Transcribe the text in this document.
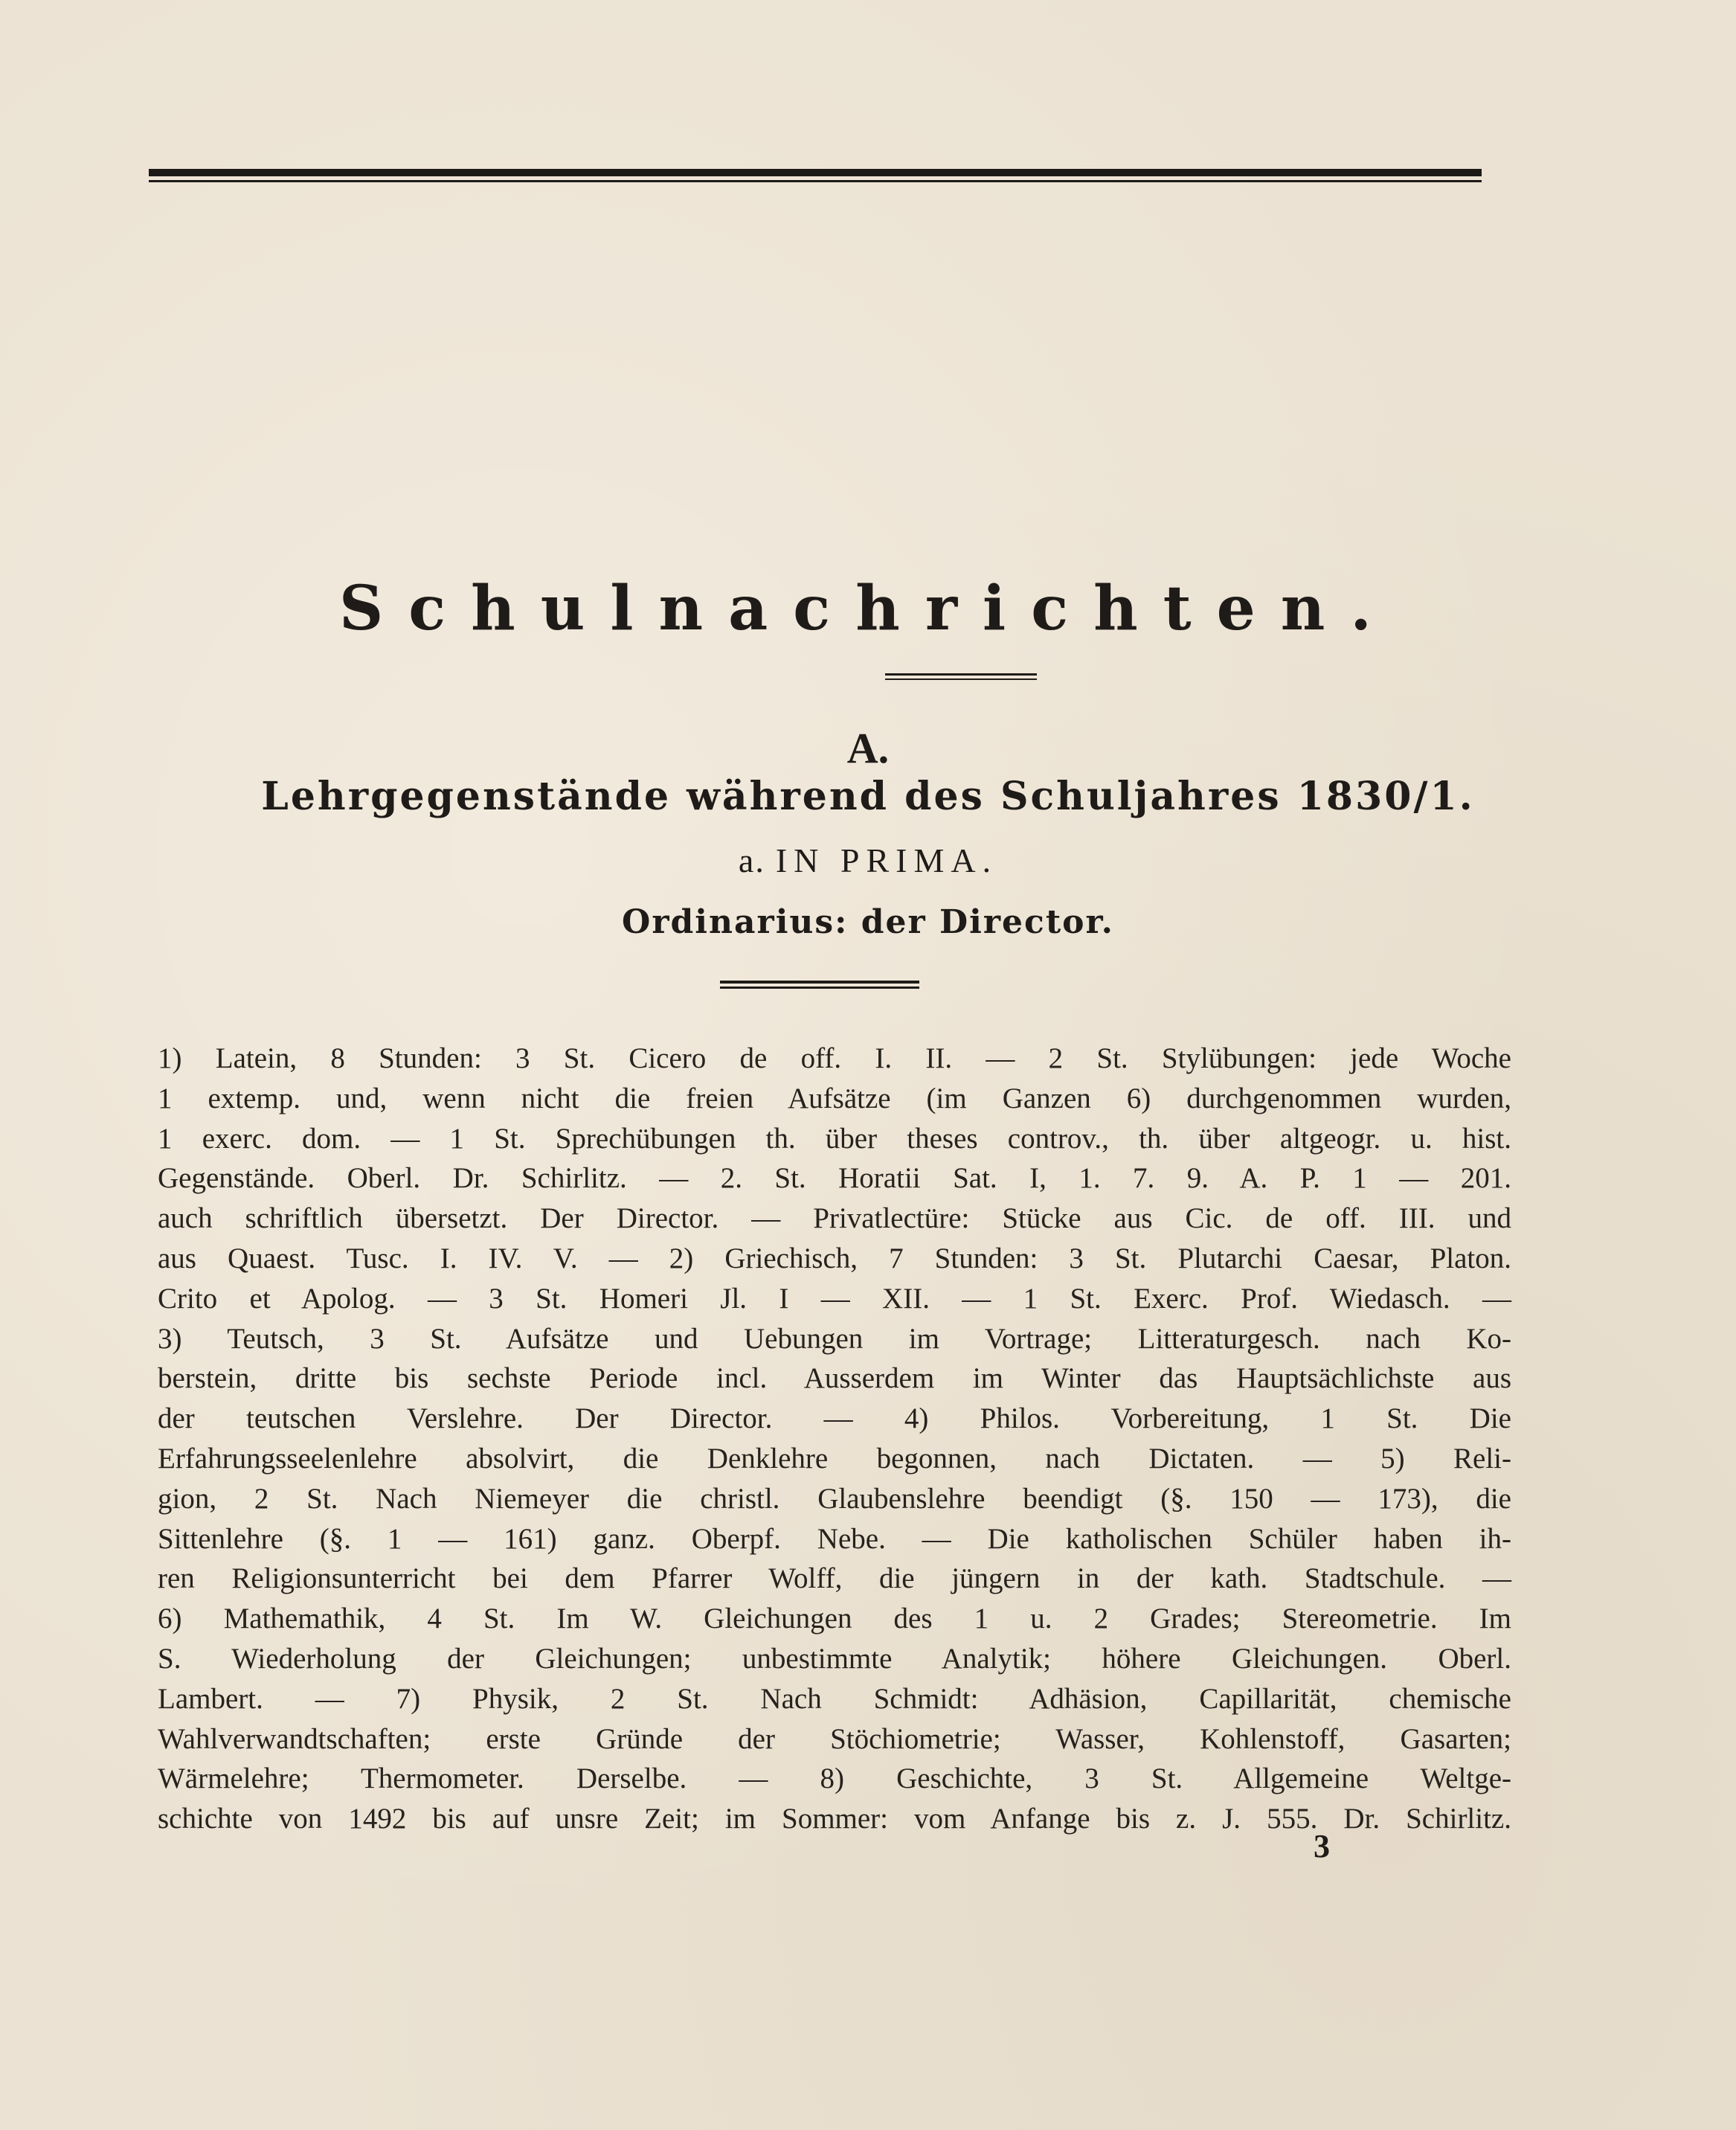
Schulnachrichten.
A.
Lehrgegenstände während des Schuljahres 1830/1.
a. IN PRIMA.
Ordinarius: der Director.
1) Latein, 8 Stunden: 3 St. Cicero de off. I. II. — 2 St. Stylübungen: jede Woche
1 extemp. und, wenn nicht die freien Aufsätze (im Ganzen 6) durchgenommen wurden,
1 exerc. dom. — 1 St. Sprechübungen th. über theses controv., th. über altgeogr. u. hist.
Gegenstände. Oberl. Dr. Schirlitz. — 2. St. Horatii Sat. I, 1. 7. 9. A. P. 1 — 201.
auch schriftlich übersetzt. Der Director. — Privatlectüre: Stücke aus Cic. de off. III. und
aus Quaest. Tusc. I. IV. V. — 2) Griechisch, 7 Stunden: 3 St. Plutarchi Caesar, Platon.
Crito et Apolog. — 3 St. Homeri Jl. I — XII. — 1 St. Exerc. Prof. Wiedasch. —
3) Teutsch, 3 St. Aufsätze und Uebungen im Vortrage; Litteraturgesch. nach Ko-
berstein, dritte bis sechste Periode incl. Ausserdem im Winter das Hauptsächlichste aus
der teutschen Verslehre. Der Director. — 4) Philos. Vorbereitung, 1 St. Die
Erfahrungsseelenlehre absolvirt, die Denklehre begonnen, nach Dictaten. — 5) Reli-
gion, 2 St. Nach Niemeyer die christl. Glaubenslehre beendigt (§. 150 — 173), die
Sittenlehre (§. 1 — 161) ganz. Oberpf. Nebe. — Die katholischen Schüler haben ih-
ren Religionsunterricht bei dem Pfarrer Wolff, die jüngern in der kath. Stadtschule. —
6) Mathemathik, 4 St. Im W. Gleichungen des 1 u. 2 Grades; Stereometrie. Im
S. Wiederholung der Gleichungen; unbestimmte Analytik; höhere Gleichungen. Oberl.
Lambert. — 7) Physik, 2 St. Nach Schmidt: Adhäsion, Capillarität, chemische
Wahlverwandtschaften; erste Gründe der Stöchiometrie; Wasser, Kohlenstoff, Gasarten;
Wärmelehre; Thermometer. Derselbe. — 8) Geschichte, 3 St. Allgemeine Weltge-
schichte von 1492 bis auf unsre Zeit; im Sommer: vom Anfange bis z. J. 555. Dr. Schirlitz.
3
